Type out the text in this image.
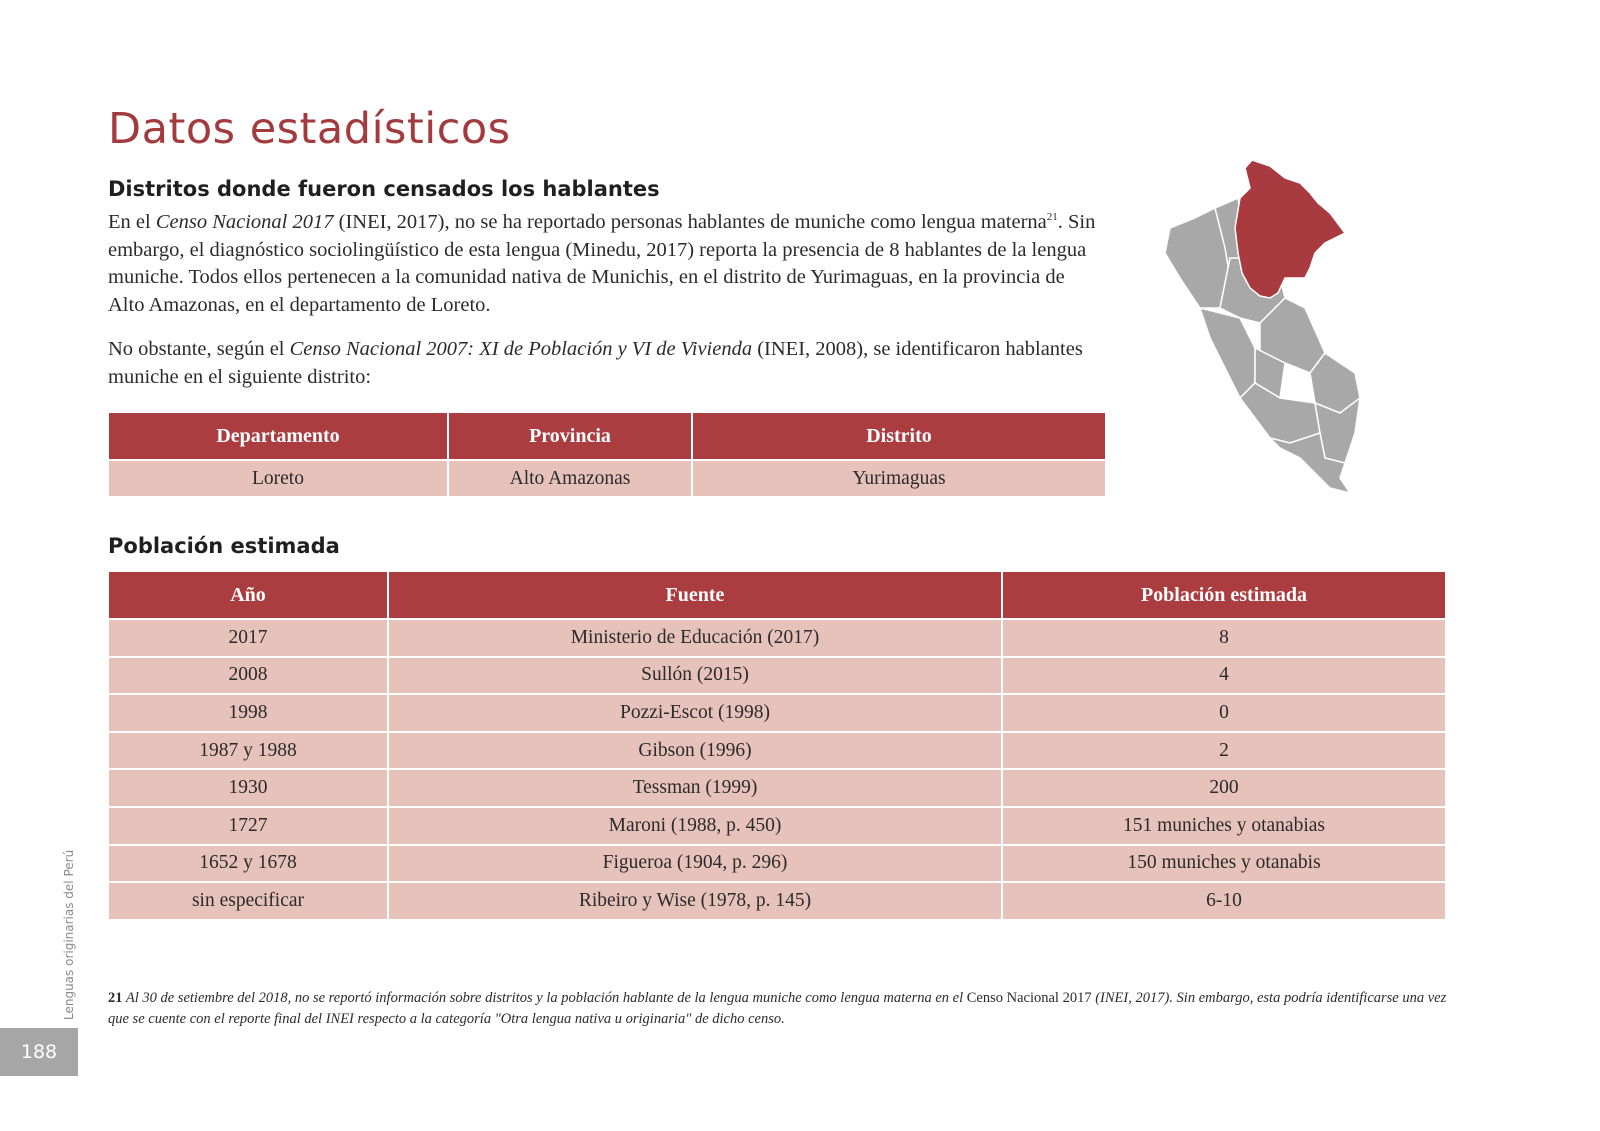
Datos estadísticos
Distritos donde fueron censados los hablantes

En el Censo Nacional 2017 (INEI, 2017), no se ha reportado personas hablantes de muniche como lengua materna$^{21}$. Sin embargo, el diagnóstico sociolingüístico de esta lengua (Minedu, 2017) reporta la presencia de 8 hablantes de la lengua muniche. Todos ellos pertenecen a la comunidad nativa de Munichis, en el distrito de Yurimaguas, en la provincia de Alto Amazonas, en el departamento de Loreto.

No obstante, según el Censo Nacional 2007: XI de Población y VI de Vivienda (INEI, 2008), se identificaron hablantes muniche en el siguiente distrito:

Departamento	Provincia	Distrito
Loreto	Alto Amazonas	Yurimaguas
Población estimada
Año	Fuente	Población estimada
2017	Ministerio de Educación (2017)	8
2008	Sullón (2015)	4
1998	Pozzi-Escot (1998)	0
1987 y 1988	Gibson (1996)	2
1930	Tessman (1999)	200
1727	Maroni (1988, p. 450)	151 muniches y otanabias
1652 y 1678	Figueroa (1904, p. 296)	150 muniches y otanabis
sin especificar	Ribeiro y Wise (1978, p. 145)	6-10

21 Al 30 de setiembre del 2018, no se reportó información sobre distritos y la población hablante de la lengua muniche como lengua materna en el Censo Nacional 2017 (INEI, 2017). Sin embargo, esta podría identificarse una vez que se cuente con el reporte final del INEI respecto a la categoría "Otra lengua nativa u originaria" de dicho censo.

Lenguas originarias del Perú
188
